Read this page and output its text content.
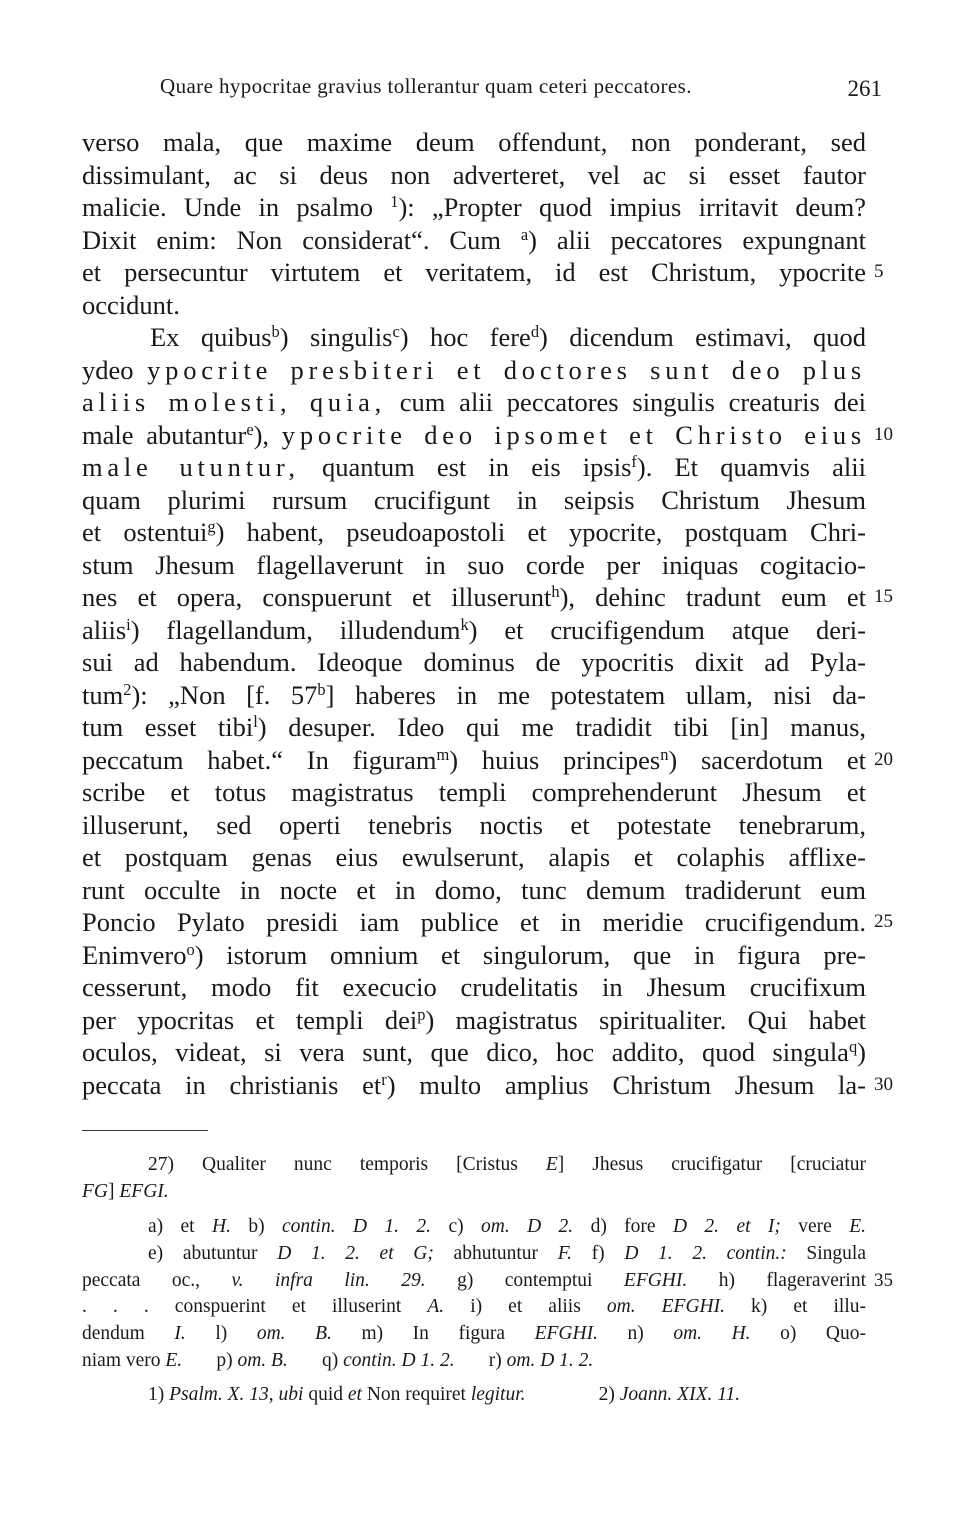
Quare hypocritae gravius tollerantur quam ceteri peccatores.	261
verso mala, que maxime deum offendunt, non ponderant, sed
dissimulant, ac si deus non adverteret, vel ac si esset fautor
malicie. Unde in psalmo $^1$): „Propter quod impius irritavit deum?
Dixit enim: Non considerat“. Cum $^a$) alii peccatores expungnant
et persecuntur virtutem et veritatem, id est Christum, ypocrite 5
occidunt.
Ex quibus$^b$) singulis$^c$) hoc fere$^d$) dicendum estimavi, quod
ydeo ypocrite presbiteri et doctores sunt deo plus
aliis molesti, quia, cum alii peccatores singulis creaturis dei
male abutantur$^e$), ypocrite deo ipsomet et Christo eius 10
male utuntur, quantum est in eis ipsis$^f$). Et quamvis alii
quam plurimi rursum crucifigunt in seipsis Christum Jhesum
et ostentui$^g$) habent, pseudoapostoli et ypocrite, postquam Chri-
stum Jhesum flagellaverunt in suo corde per iniquas cogitacio-
nes et opera, conspuerunt et illuserunt$^h$), dehinc tradunt eum et 15
aliis$^i$) flagellandum, illudendum$^k$) et crucifigendum atque deri-
sui ad habendum. Ideoque dominus de ypocritis dixit ad Pyla-
tum$^2$): „Non [f. 57$^b$] haberes in me potestatem ullam, nisi da-
tum esset tibi$^l$) desuper. Ideo qui me tradidit tibi [in] manus,
peccatum habet.“ In figuram$^m$) huius principes$^n$) sacerdotum et 20
scribe et totus magistratus templi comprehenderunt Jhesum et
illuserunt, sed operti tenebris noctis et potestate tenebrarum,
et postquam genas eius ewulserunt, alapis et colaphis afflixe-
runt occulte in nocte et in domo, tunc demum tradiderunt eum
Poncio Pylato presidi iam publice et in meridie crucifigendum. 25
Enimvero$^o$) istorum omnium et singulorum, que in figura pre-
cesserunt, modo fit execucio crudelitatis in Jhesum crucifixum
per ypocritas et templi dei$^p$) magistratus spiritualiter. Qui habet
oculos, videat, si vera sunt, que dico, hoc addito, quod singula$^q$)
peccata in christianis $et^r$) multo amplius Christum Jhesum la- 30
27) Qualiter nunc temporis [Cristus E] Jhesus crucifigatur [cruciatur
FG] EFGI.
a) et H. b) contin. D 1. 2. c) om. D 2. d) fore D 2. et I; vere E.
e) abutuntur D 1. 2. et G; abhutuntur F. f) D 1. 2. contin.: Singula
peccata oc., v. infra lin. 29. g) contemptui EFGHI. h) flageraverint 35
. . . conspuerint et illuserint A. i) et aliis om. EFGHI. k) et illu-
dendum I. l) om. B. m) In figura EFGHI. n) om. H. o) Quo-
niam vero E. p) om. B. q) contin. D 1. 2. r) om. D 1. 2.
1) Psalm. X. 13, ubi quid et Non requiret legitur.	2) Joann. XIX. 11.
